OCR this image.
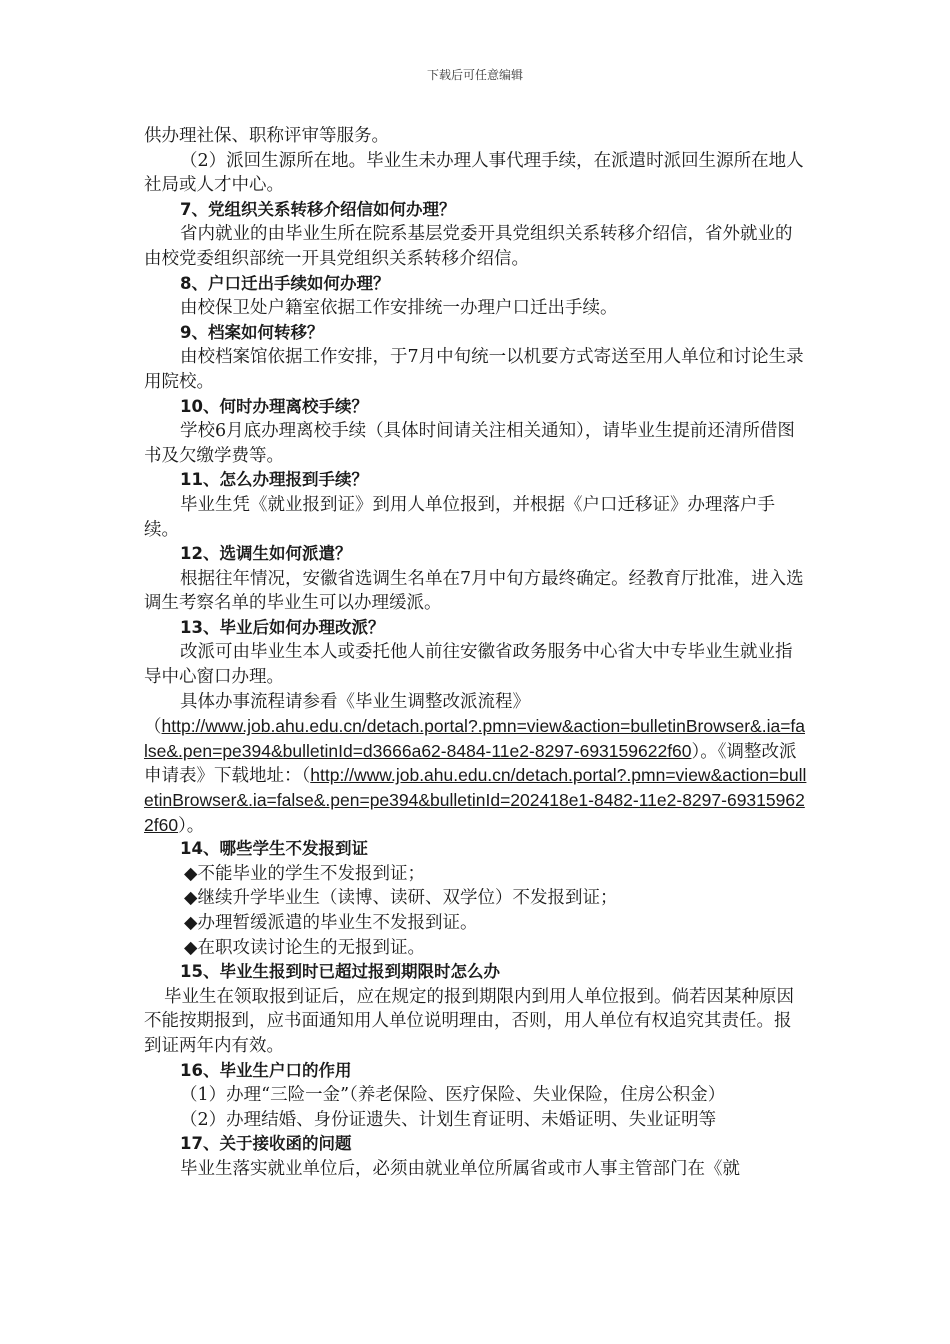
下载后可任意编辑

供办理社保、职称评审等服务。

（2）派回生源所在地。毕业生未办理人事代理手续，在派遣时派回生源所在地人社局或人才中心。

7、党组织关系转移介绍信如何办理？

省内就业的由毕业生所在院系基层党委开具党组织关系转移介绍信，省外就业的由校党委组织部统一开具党组织关系转移介绍信。

8、户口迁出手续如何办理？

由校保卫处户籍室依据工作安排统一办理户口迁出手续。

9、档案如何转移？

由校档案馆依据工作安排，于7月中旬统一以机要方式寄送至用人单位和讨论生录用院校。

10、何时办理离校手续？

学校6月底办理离校手续（具体时间请关注相关通知），请毕业生提前还清所借图书及欠缴学费等。

11、怎么办理报到手续？

毕业生凭《就业报到证》到用人单位报到，并根据《户口迁移证》办理落户手续。

12、选调生如何派遣？

根据往年情况，安徽省选调生名单在7月中旬方最终确定。经教育厅批准，进入选调生考察名单的毕业生可以办理缓派。

13、毕业后如何办理改派？

改派可由毕业生本人或委托他人前往安徽省政务服务中心省大中专毕业生就业指导中心窗口办理。

具体办事流程请参看《毕业生调整改派流程》

（http://www.job.ahu.edu.cn/detach.portal?.pmn=view&action=bulletinBrowser&.ia=false&.pen=pe394&bulletinId=d3666a62-8484-11e2-8297-693159622f60）。《调整改派申请表》下载地址：（http://www.job.ahu.edu.cn/detach.portal?.pmn=view&action=bulletinBrowser&.ia=false&.pen=pe394&bulletinId=202418e1-8482-11e2-8297-693159622f60）。

14、哪些学生不发报到证

◆不能毕业的学生不发报到证；

◆继续升学毕业生（读博、读研、双学位）不发报到证；

◆办理暂缓派遣的毕业生不发报到证。

◆在职攻读讨论生的无报到证。

15、毕业生报到时已超过报到期限时怎么办

毕业生在领取报到证后，应在规定的报到期限内到用人单位报到。倘若因某种原因不能按期报到，应书面通知用人单位说明理由，否则，用人单位有权追究其责任。报到证两年内有效。

16、毕业生户口的作用

（1）办理“三险一金”（养老保险、医疗保险、失业保险，住房公积金）

（2）办理结婚、身份证遗失、计划生育证明、未婚证明、失业证明等

17、关于接收函的问题

毕业生落实就业单位后，必须由就业单位所属省或市人事主管部门在《就
